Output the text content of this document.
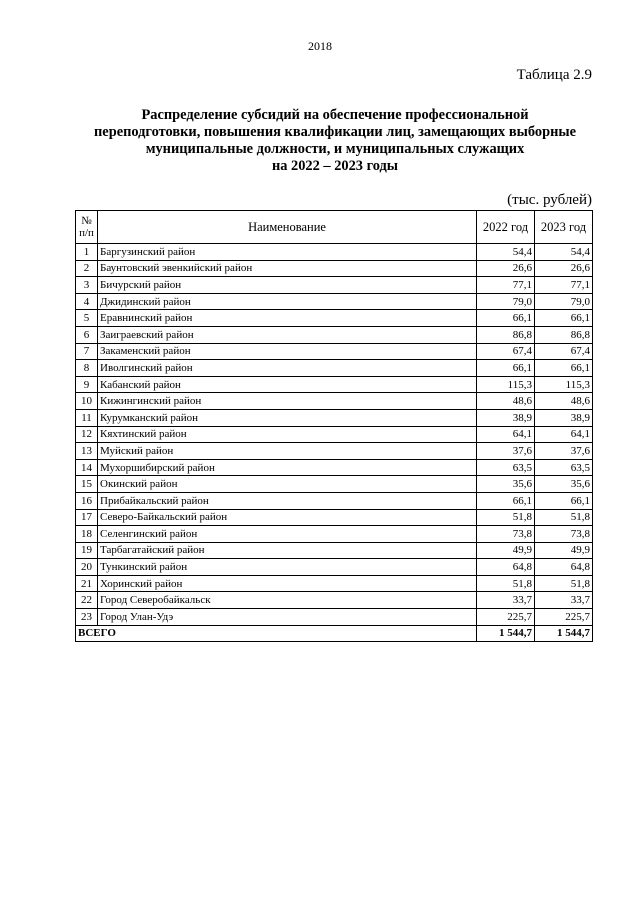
2018
Таблица 2.9
Распределение субсидий на обеспечение профессиональной
переподготовки, повышения квалификации лиц, замещающих выборные
муниципальные должности, и муниципальных служащих
на 2022 – 2023 годы
(тыс. рублей)
№
п/п	Наименование	2022 год	2023 год
1	Баргузинский район	54,4	54,4
2	Баунтовский эвенкийский район	26,6	26,6
3	Бичурский район	77,1	77,1
4	Джидинский район	79,0	79,0
5	Еравнинский район	66,1	66,1
6	Заиграевский район	86,8	86,8
7	Закаменский район	67,4	67,4
8	Иволгинский район	66,1	66,1
9	Кабанский район	115,3	115,3
10	Кижингинский район	48,6	48,6
11	Курумканский район	38,9	38,9
12	Кяхтинский район	64,1	64,1
13	Муйский район	37,6	37,6
14	Мухоршибирский район	63,5	63,5
15	Окинский район	35,6	35,6
16	Прибайкальский район	66,1	66,1
17	Северо-Байкальский район	51,8	51,8
18	Селенгинский район	73,8	73,8
19	Тарбагатайский район	49,9	49,9
20	Тункинский район	64,8	64,8
21	Хоринский район	51,8	51,8
22	Город Северобайкальск	33,7	33,7
23	Город Улан-Удэ	225,7	225,7
ВСЕГО		1 544,7	1 544,7
